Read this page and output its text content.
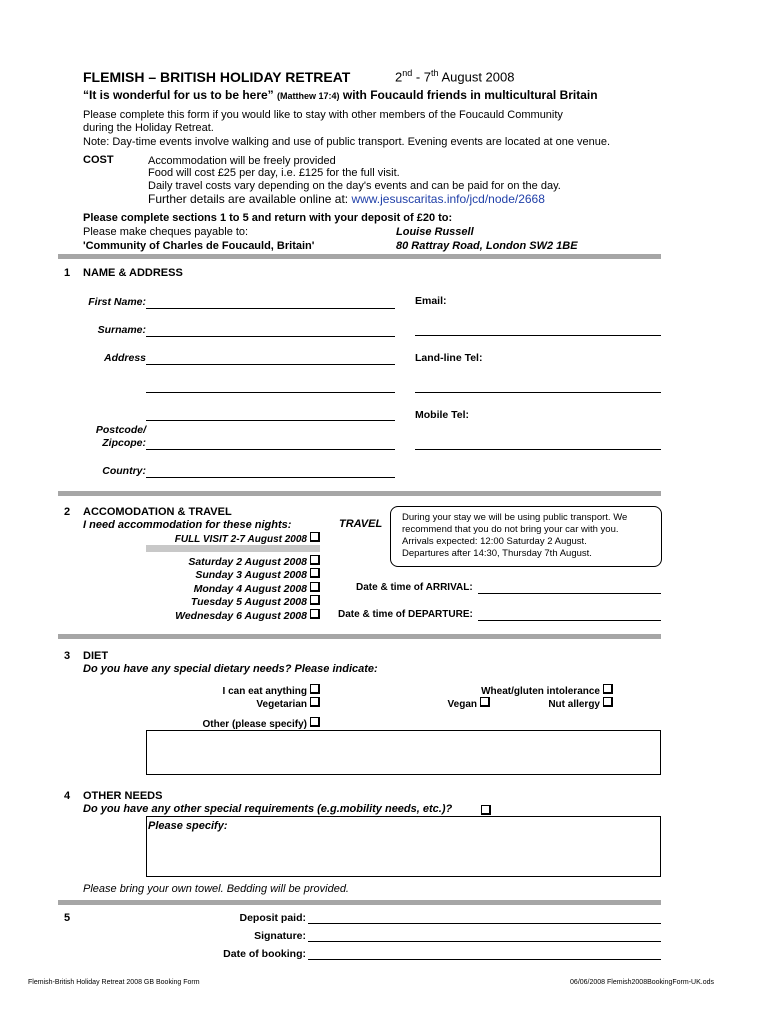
FLEMISH – BRITISH HOLIDAY RETREAT	2nd - 7th August 2008
“It is wonderful for us to be here” (Matthew 17:4) with Foucauld friends in multicultural Britain
Please complete this form if you would like to stay with other members of the Foucauld Community
during the Holiday Retreat.
Note: Day-time events involve walking and use of public transport. Evening events are located at one venue.
COST	Accommodation will be freely provided
Food will cost £25 per day, i.e. £125 for the full visit.
Daily travel costs vary depending on the day's events and can be paid for on the day.
Further details are available online at: www.jesuscaritas.info/jcd/node/2668
Please complete sections 1 to 5 and return with your deposit of £20 to:
Please make cheques payable to:
'Community of Charles de Foucauld, Britain'
Louise Russell
80 Rattray Road, London SW2 1BE
1 NAME & ADDRESS
First Name:
Surname:
Address
Postcode/
Zipcope:
Country:
Email:
Land-line Tel:
Mobile Tel:
2 ACCOMODATION & TRAVEL
I need accommodation for these nights:
FULL VISIT 2-7 August 2008
Saturday 2 August 2008
Sunday 3 August 2008
Monday 4 August 2008
Tuesday 5 August 2008
Wednesday 6 August 2008
TRAVEL
During your stay we will be using public transport. We
recommend that you do not bring your car with you.
Arrivals expected: 12:00 Saturday 2 August.
Departures after 14:30, Thursday 7th August.
Date & time of ARRIVAL:
Date & time of DEPARTURE:
3 DIET
Do you have any special dietary needs? Please indicate:
I can eat anything
Vegetarian
Wheat/gluten intolerance
Vegan	Nut allergy
Other (please specify)
4 OTHER NEEDS
Do you have any other special requirements (e.g.mobility needs, etc.)?
Please specify:
Please bring your own towel. Bedding will be provided.
5	Deposit paid:
Signature:
Date of booking:
Flemish-British Holiday Retreat 2008 GB Booking Form	06/06/2008 Flemish2008BookingForm-UK.ods
